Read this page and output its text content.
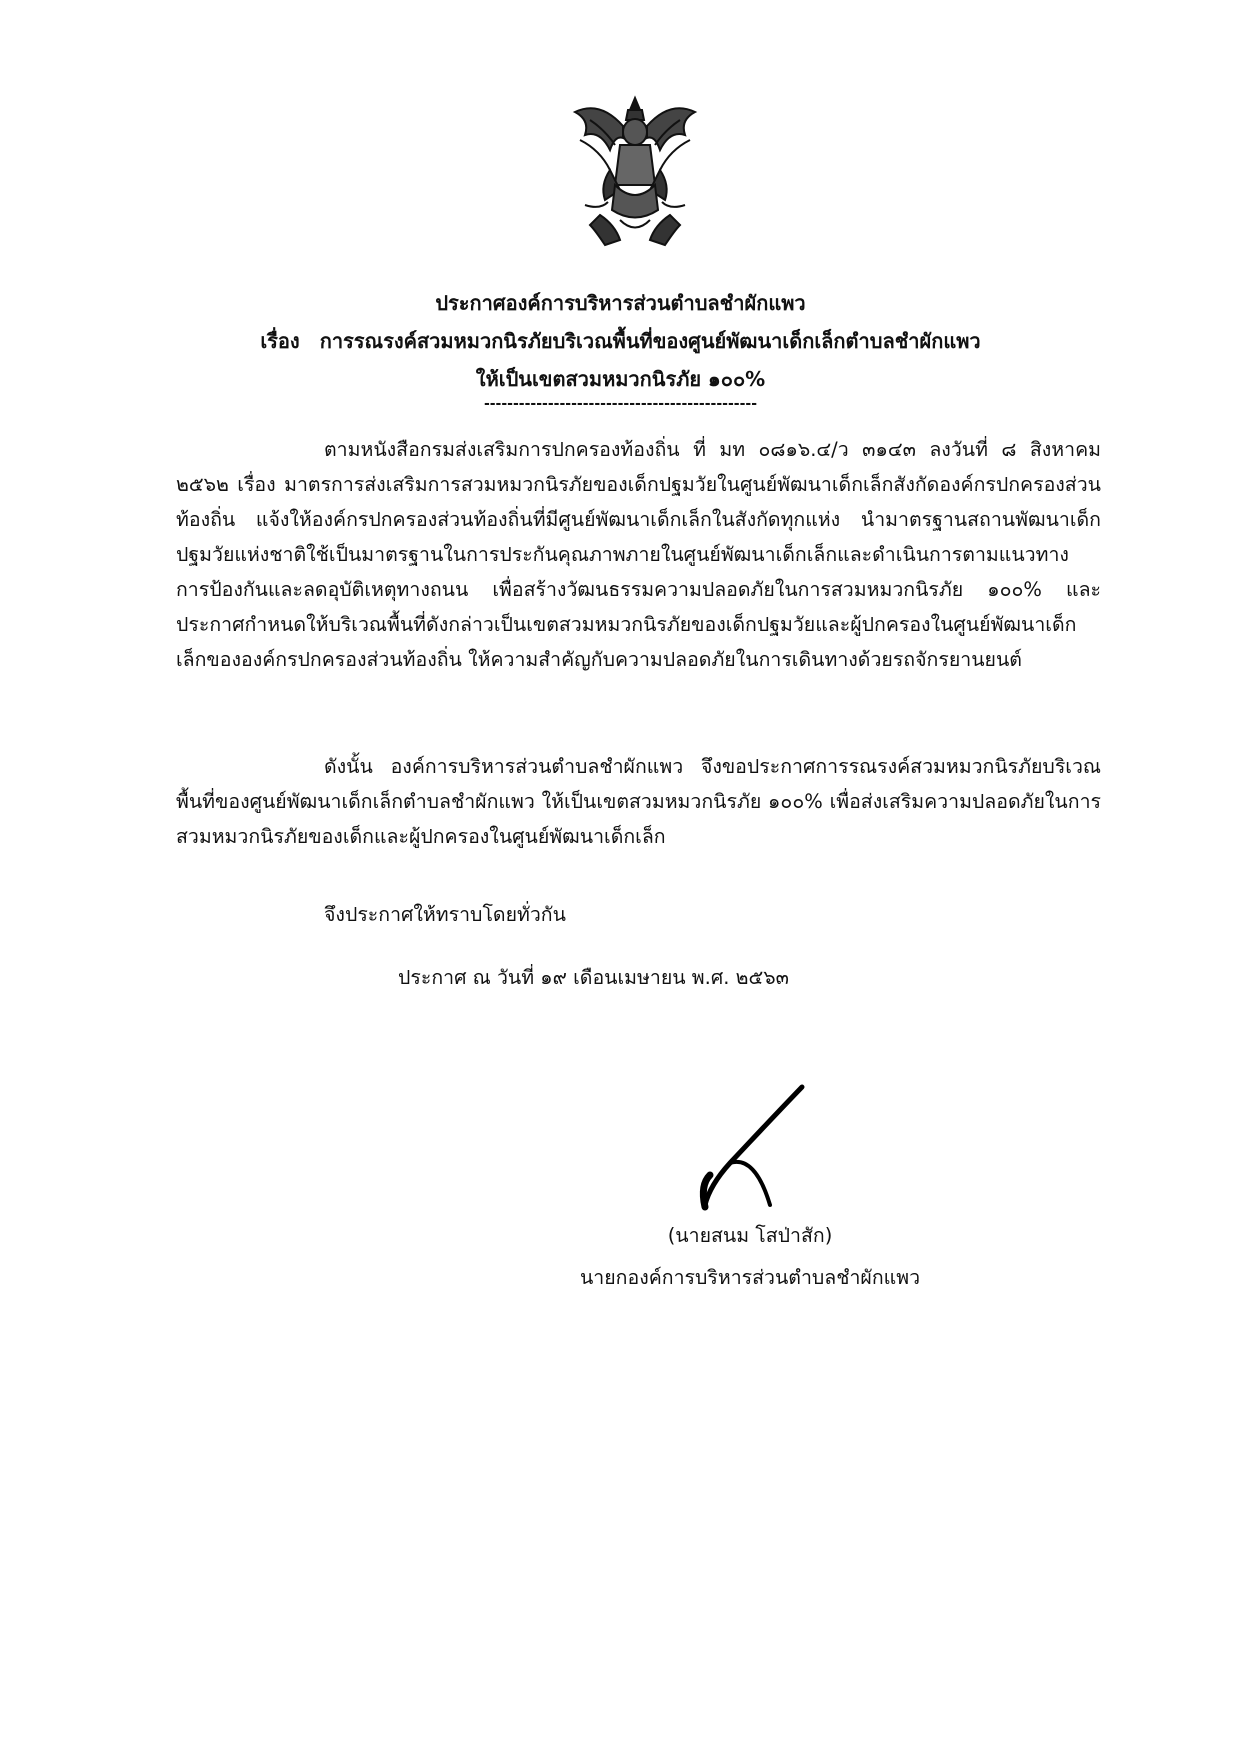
ประกาศองค์การบริหารส่วนตำบลชำผักแพว
เรื่อง การรณรงค์สวมหมวกนิรภัยบริเวณพื้นที่ของศูนย์พัฒนาเด็กเล็กตำบลชำผักแพว
ให้เป็นเขตสวมหมวกนิรภัย ๑๐๐%
-----------------------------------------------
ตามหนังสือกรมส่งเสริมการปกครองท้องถิ่น ที่ มท ๐๘๑๖.๔/ว ๓๑๔๓ ลงวันที่ ๘ สิงหาคม ๒๕๖๒ เรื่อง มาตรการส่งเสริมการสวมหมวกนิรภัยของเด็กปฐมวัยในศูนย์พัฒนาเด็กเล็กสังกัดองค์กรปกครองส่วนท้องถิ่น แจ้งให้องค์กรปกครองส่วนท้องถิ่นที่มีศูนย์พัฒนาเด็กเล็กในสังกัดทุกแห่ง นำมาตรฐานสถานพัฒนาเด็กปฐมวัยแห่งชาติใช้เป็นมาตรฐานในการประกันคุณภาพภายในศูนย์พัฒนาเด็กเล็กและดำเนินการตามแนวทางการป้องกันและลดอุบัติเหตุทางถนน เพื่อสร้างวัฒนธรรมความปลอดภัยในการสวมหมวกนิรภัย ๑๐๐% และประกาศกำหนดให้บริเวณพื้นที่ดังกล่าวเป็นเขตสวมหมวกนิรภัยของเด็กปฐมวัยและผู้ปกครองในศูนย์พัฒนาเด็กเล็กขององค์กรปกครองส่วนท้องถิ่น ให้ความสำคัญกับความปลอดภัยในการเดินทางด้วยรถจักรยานยนต์
ดังนั้น องค์การบริหารส่วนตำบลชำผักแพว จึงขอประกาศการรณรงค์สวมหมวกนิรภัยบริเวณพื้นที่ของศูนย์พัฒนาเด็กเล็กตำบลชำผักแพว ให้เป็นเขตสวมหมวกนิรภัย ๑๐๐% เพื่อส่งเสริมความปลอดภัยในการสวมหมวกนิรภัยของเด็กและผู้ปกครองในศูนย์พัฒนาเด็กเล็ก
จึงประกาศให้ทราบโดยทั่วกัน
ประกาศ ณ วันที่ ๑๙ เดือนเมษายน พ.ศ. ๒๕๖๓
(นายสนม โสป่าสัก)
นายกองค์การบริหารส่วนตำบลชำผักแพว
